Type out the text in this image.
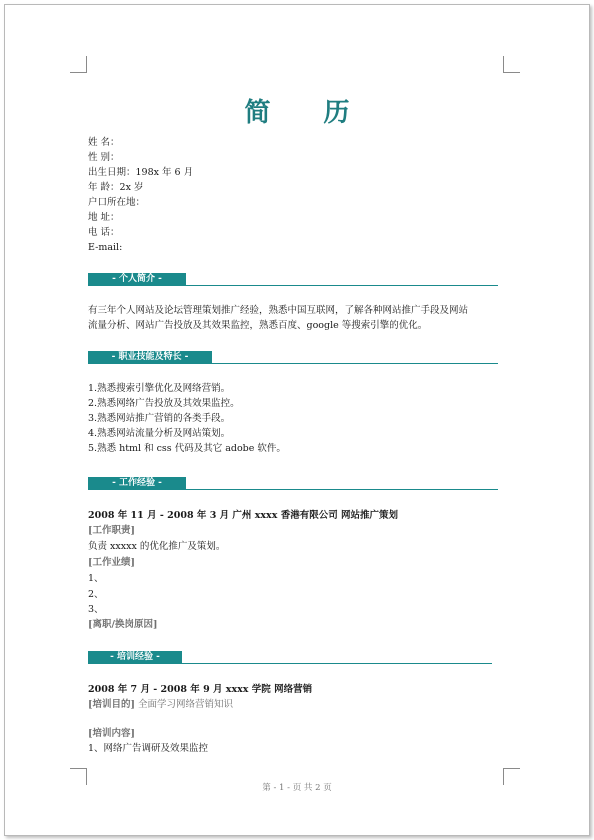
简 历
姓 名：
性 别：
出生日期：198x 年 6 月
年 龄：2x 岁
户口所在地：
地 址：
电 话：
E-mail:
- 个人简介 -
有三年个人网站及论坛管理策划推广经验，熟悉中国互联网，了解各种网站推广手段及网站
流量分析、网站广告投放及其效果监控，熟悉百度、google 等搜索引擎的优化。
- 职业技能及特长 -
1.熟悉搜索引擎优化及网络营销。
2.熟悉网络广告投放及其效果监控。
3.熟悉网站推广营销的各类手段。
4.熟悉网站流量分析及网站策划。
5.熟悉 html 和 css 代码及其它 adobe 软件。
- 工作经验 -
2008 年 11 月 - 2008 年 3 月 广州 xxxx 香港有限公司 网站推广策划
[工作职责]
负责 xxxxx 的优化推广及策划。
[工作业绩]
1、
2、
3、
[离职/换岗原因]
- 培训经验 -
2008 年 7 月 - 2008 年 9 月 xxxx 学院 网络营销
[培训目的] 全面学习网络营销知识
[培训内容]
1、网络广告调研及效果监控
第 - 1 - 页 共 2 页
